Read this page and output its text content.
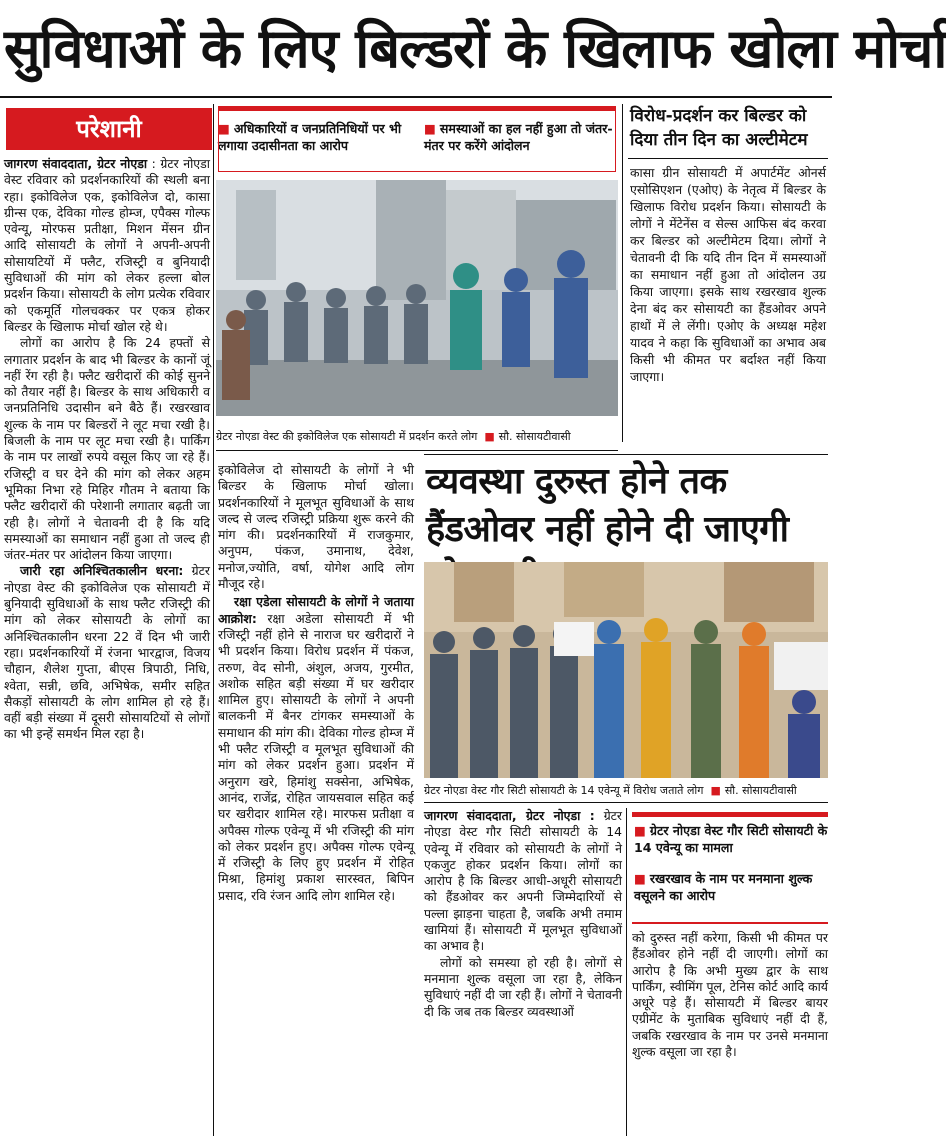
सुविधाओं के लिए बिल्डरों के खिलाफ खोला मोर्चा
परेशानी

जागरण संवाददाता, ग्रेटर नोएडा : ग्रेटर नोएडा वेस्ट रविवार को प्रदर्शनकारियों की स्थली बना रहा। इकोविलेज एक, इकोविलेज दो, कासा ग्रीन्स एक, देविका गोल्ड होम्ज, एपैक्स गोल्फ एवेन्यू, मोरफस प्रतीक्षा, मिशन मेंसन ग्रीन आदि सोसायटी के लोगों ने अपनी-अपनी सोसायटियों में फ्लैट, रजिस्ट्री व बुनियादी सुविधाओं की मांग को लेकर हल्ला बोल प्रदर्शन किया। सोसायटी के लोग प्रत्येक रविवार को एकमूर्ति गोलचक्कर पर एकत्र होकर बिल्डर के खिलाफ मोर्चा खोल रहे थे।

लोगों का आरोप है कि 24 हफ्तों से लगातार प्रदर्शन के बाद भी बिल्डर के कानों जूं नहीं रेंग रही है। फ्लैट खरीदारों की कोई सुनने को तैयार नहीं है। बिल्डर के साथ अधिकारी व जनप्रतिनिधि उदासीन बने बैठे हैं। रखरखाव शुल्क के नाम पर बिल्डरों ने लूट मचा रखी है। बिजली के नाम पर लूट मचा रखी है। पार्किंग के नाम पर लाखों रुपये वसूल किए जा रहे हैं। रजिस्ट्री व घर देने की मांग को लेकर अहम भूमिका निभा रहे मिहिर गौतम ने बताया कि फ्लैट खरीदारों की परेशानी लगातार बढ़ती जा रही है। लोगों ने चेतावनी दी है कि यदि समस्याओं का समाधान नहीं हुआ तो जल्द ही जंतर-मंतर पर आंदोलन किया जाएगा।

जारी रहा अनिश्चितकालीन धरना: ग्रेटर नोएडा वेस्ट की इकोविलेज एक सोसायटी में बुनियादी सुविधाओं के साथ फ्लैट रजिस्ट्री की मांग को लेकर सोसायटी के लोगों का अनिश्चितकालीन धरना 22 वें दिन भी जारी रहा। प्रदर्शनकारियों में रंजना भारद्वाज, विजय चौहान, शैलेश गुप्ता, बीएस त्रिपाठी, निधि, श्वेता, सन्नी, छवि, अभिषेक, समीर सहित सैकड़ों सोसायटी के लोग शामिल हो रहे हैं। वहीं बड़ी संख्या में दूसरी सोसायटियों से लोगों का भी इन्हें समर्थन मिल रहा है।

■ अधिकारियों व जनप्रतिनिधियों पर भी लगाया उदासीनता का आरोप
■ समस्याओं का हल नहीं हुआ तो जंतर-मंतर पर करेंगे आंदोलन
ग्रेटर नोएडा वेस्ट की इकोविलेज एक सोसायटी में प्रदर्शन करते लोग ■ सौ. सोसायटीवासी

इकोविलेज दो सोसायटी के लोगों ने भी बिल्डर के खिलाफ मोर्चा खोला। प्रदर्शनकारियों ने मूलभूत सुविधाओं के साथ जल्द से जल्द रजिस्ट्री प्रक्रिया शुरू करने की मांग की। प्रदर्शनकारियों में राजकुमार, अनुपम, पंकज, उमानाथ, देवेश, मनोज,ज्योति, वर्षा, योगेश आदि लोग मौजूद रहे।

रक्षा एडेला सोसायटी के लोगों ने जताया आक्रोश: रक्षा अडेला सोसायटी में भी रजिस्ट्री नहीं होने से नाराज घर खरीदारों ने भी प्रदर्शन किया। विरोध प्रदर्शन में पंकज, तरुण, वेद सोनी, अंशुल, अजय, गुरमीत, अशोक सहित बड़ी संख्या में घर खरीदार शामिल हुए। सोसायटी के लोगों ने अपनी बालकनी में बैनर टांगकर समस्याओं के समाधान की मांग की। देविका गोल्ड होम्ज में भी फ्लैट रजिस्ट्री व मूलभूत सुविधाओं की मांग को लेकर प्रदर्शन हुआ। प्रदर्शन में अनुराग खरे, हिमांशु सक्सेना, अभिषेक, आनंद, राजेंद्र, रोहित जायसवाल सहित कई घर खरीदार शामिल रहे। मारफस प्रतीक्षा व अपैक्स गोल्फ एवेन्यू में भी रजिस्ट्री की मांग को लेकर प्रदर्शन हुए। अपैक्स गोल्फ एवेन्यू में रजिस्ट्री के लिए हुए प्रदर्शन में रोहित मिश्रा, हिमांशु प्रकाश सारस्वत, बिपिन प्रसाद, रवि रंजन आदि लोग शामिल रहे।

विरोध-प्रदर्शन कर बिल्डर को दिया तीन दिन का अल्टीमेटम
कासा ग्रीन सोसायटी में अपार्टमेंट ओनर्स एसोसिएशन (एओए) के नेतृत्व में बिल्डर के खिलाफ विरोध प्रदर्शन किया। सोसायटी के लोगों ने मेंटेनेंस व सेल्स आफिस बंद करवा कर बिल्डर को अल्टीमेटम दिया। लोगों ने चेतावनी दी कि यदि तीन दिन में समस्याओं का समाधान नहीं हुआ तो आंदोलन उग्र किया जाएगा। इसके साथ रखरखाव शुल्क देना बंद कर सोसायटी का हैंडओवर अपने हाथों में ले लेंगी। एओए के अध्यक्ष महेश यादव ने कहा कि सुविधाओं का अभाव अब किसी भी कीमत पर बर्दाश्त नहीं किया जाएगा।
व्यवस्था दुरुस्त होने तक हैंडओवर नहीं होने दी जाएगी
ग्रेटर नोएडा वेस्ट गौर सिटी सोसायटी के 14 एवेन्यू में विरोध जताते लोग ■ सौ. सोसायटीवासी

जागरण संवाददाता, ग्रेटर नोएडा : ग्रेटर नोएडा वेस्ट गौर सिटी सोसायटी के 14 एवेन्यू में रविवार को सोसायटी के लोगों ने एकजुट होकर प्रदर्शन किया। लोगों का आरोप है कि बिल्डर आधी-अधूरी सोसायटी को हैंडओवर कर अपनी जिम्मेदारियों से पल्ला झाड़ना चाहता है, जबकि अभी तमाम खामियां हैं। सोसायटी में मूलभूत सुविधाओं का अभाव है।

लोगों को समस्या हो रही है। लोगों से मनमाना शुल्क वसूला जा रहा है, लेकिन सुविधाएं नहीं दी जा रही हैं। लोगों ने चेतावनी दी कि जब तक बिल्डर व्यवस्थाओं

■ ग्रेटर नोएडा वेस्ट गौर सिटी सोसायटी के 14 एवेन्यू का मामला
■ रखरखाव के नाम पर मनमाना शुल्क वसूलने का आरोप
को दुरुस्त नहीं करेगा, किसी भी कीमत पर हैंडओवर होने नहीं दी जाएगी। लोगों का आरोप है कि अभी मुख्य द्वार के साथ पार्किंग, स्वीमिंग पूल, टेनिस कोर्ट आदि कार्य अधूरे पड़े हैं। सोसायटी में बिल्डर बायर एग्रीमेंट के मुताबिक सुविधाएं नहीं दी हैं, जबकि रखरखाव के नाम पर उनसे मनमाना शुल्क वसूला जा रहा है।
